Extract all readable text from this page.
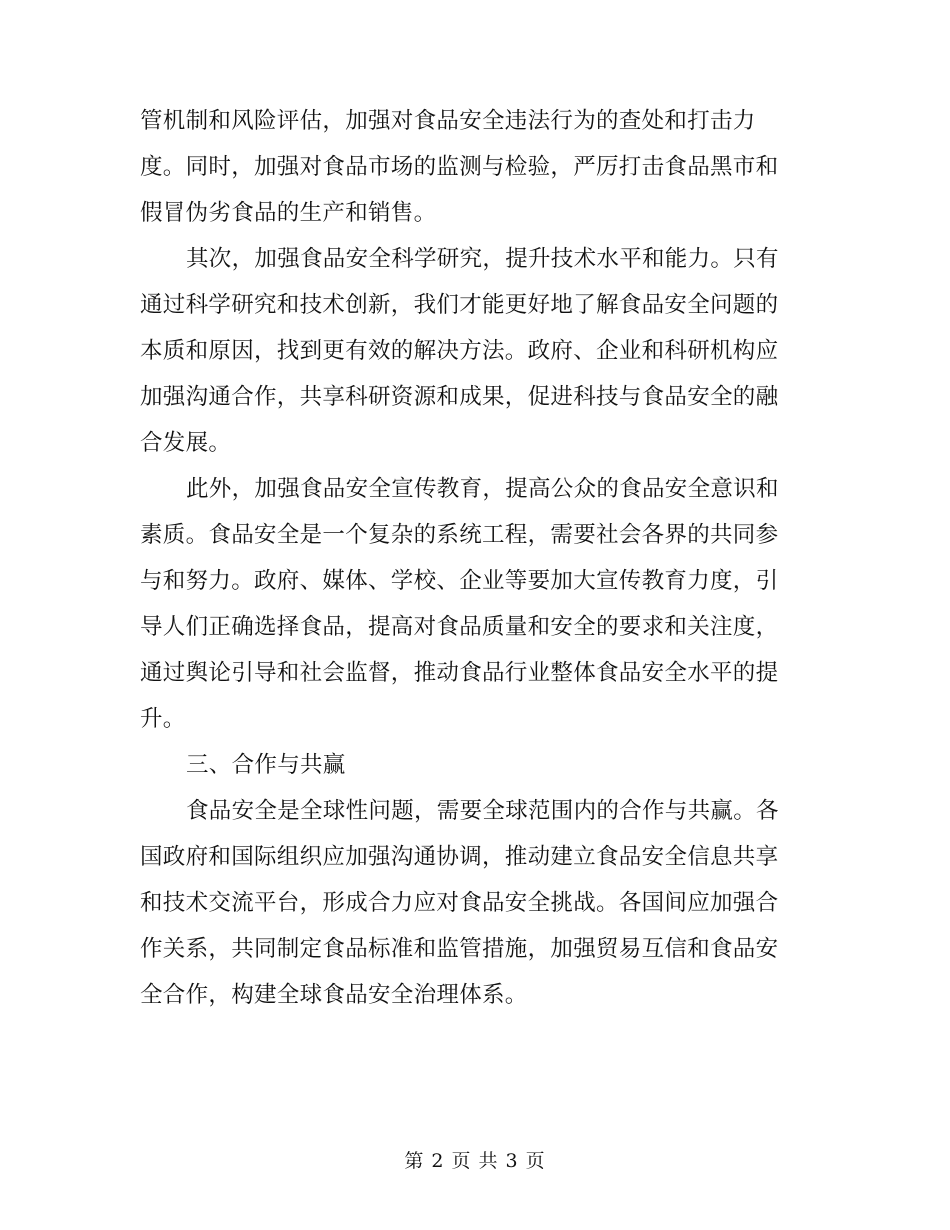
管机制和风险评估，加强对食品安全违法行为的查处和打击力
度。同时，加强对食品市场的监测与检验，严厉打击食品黑市和
假冒伪劣食品的生产和销售。
其次，加强食品安全科学研究，提升技术水平和能力。只有
通过科学研究和技术创新，我们才能更好地了解食品安全问题的
本质和原因，找到更有效的解决方法。政府、企业和科研机构应
加强沟通合作，共享科研资源和成果，促进科技与食品安全的融
合发展。
此外，加强食品安全宣传教育，提高公众的食品安全意识和
素质。食品安全是一个复杂的系统工程，需要社会各界的共同参
与和努力。政府、媒体、学校、企业等要加大宣传教育力度，引
导人们正确选择食品，提高对食品质量和安全的要求和关注度，
通过舆论引导和社会监督，推动食品行业整体食品安全水平的提
升。
三、合作与共赢
食品安全是全球性问题，需要全球范围内的合作与共赢。各
国政府和国际组织应加强沟通协调，推动建立食品安全信息共享
和技术交流平台，形成合力应对食品安全挑战。各国间应加强合
作关系，共同制定食品标准和监管措施，加强贸易互信和食品安
全合作，构建全球食品安全治理体系。
第 2 页 共 3 页
